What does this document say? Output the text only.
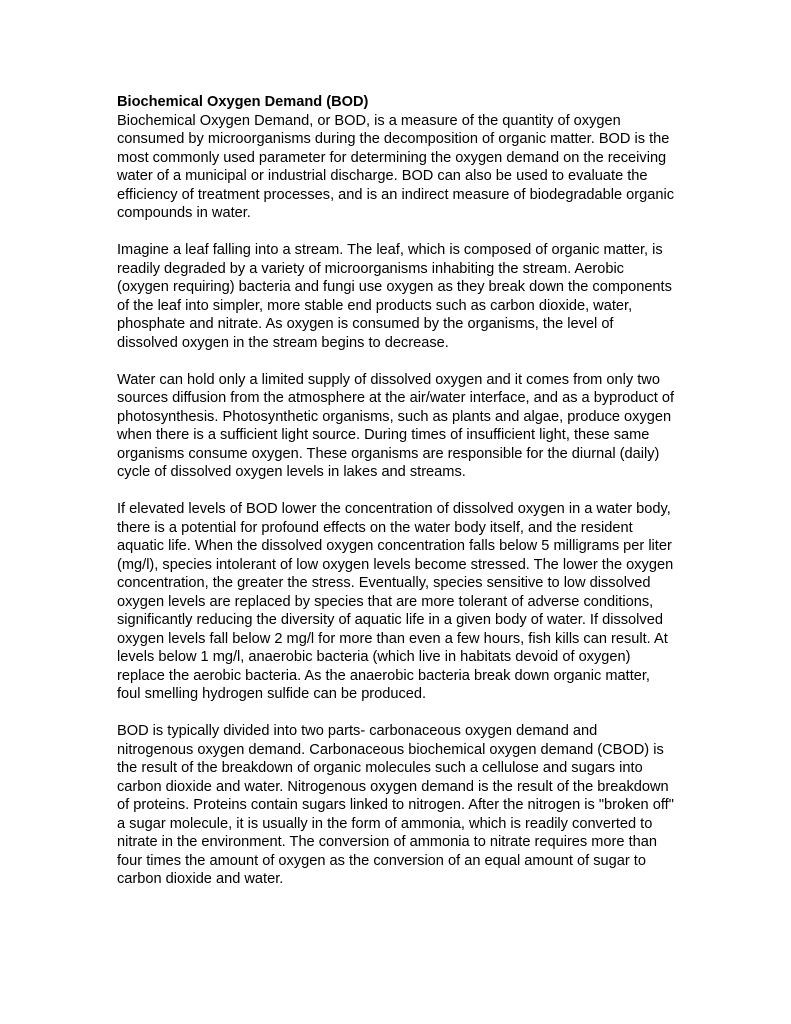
Biochemical Oxygen Demand (BOD)

Biochemical Oxygen Demand, or BOD, is a measure of the quantity of oxygen consumed by microorganisms during the decomposition of organic matter. BOD is the most commonly used parameter for determining the oxygen demand on the receiving water of a municipal or industrial discharge. BOD can also be used to evaluate the efficiency of treatment processes, and is an indirect measure of biodegradable organic compounds in water.

Imagine a leaf falling into a stream. The leaf, which is composed of organic matter, is readily degraded by a variety of microorganisms inhabiting the stream. Aerobic (oxygen requiring) bacteria and fungi use oxygen as they break down the components of the leaf into simpler, more stable end products such as carbon dioxide, water, phosphate and nitrate. As oxygen is consumed by the organisms, the level of dissolved oxygen in the stream begins to decrease.

Water can hold only a limited supply of dissolved oxygen and it comes from only two sources diffusion from the atmosphere at the air/water interface, and as a byproduct of photosynthesis. Photosynthetic organisms, such as plants and algae, produce oxygen when there is a sufficient light source. During times of insufficient light, these same organisms consume oxygen. These organisms are responsible for the diurnal (daily) cycle of dissolved oxygen levels in lakes and streams.

If elevated levels of BOD lower the concentration of dissolved oxygen in a water body, there is a potential for profound effects on the water body itself, and the resident aquatic life. When the dissolved oxygen concentration falls below 5 milligrams per liter (mg/l), species intolerant of low oxygen levels become stressed. The lower the oxygen concentration, the greater the stress. Eventually, species sensitive to low dissolved oxygen levels are replaced by species that are more tolerant of adverse conditions, significantly reducing the diversity of aquatic life in a given body of water. If dissolved oxygen levels fall below 2 mg/l for more than even a few hours, fish kills can result. At levels below 1 mg/l, anaerobic bacteria (which live in habitats devoid of oxygen) replace the aerobic bacteria. As the anaerobic bacteria break down organic matter, foul smelling hydrogen sulfide can be produced.

BOD is typically divided into two parts- carbonaceous oxygen demand and nitrogenous oxygen demand. Carbonaceous biochemical oxygen demand (CBOD) is the result of the breakdown of organic molecules such a cellulose and sugars into carbon dioxide and water. Nitrogenous oxygen demand is the result of the breakdown of proteins. Proteins contain sugars linked to nitrogen. After the nitrogen is "broken off" a sugar molecule, it is usually in the form of ammonia, which is readily converted to nitrate in the environment. The conversion of ammonia to nitrate requires more than four times the amount of oxygen as the conversion of an equal amount of sugar to carbon dioxide and water.
